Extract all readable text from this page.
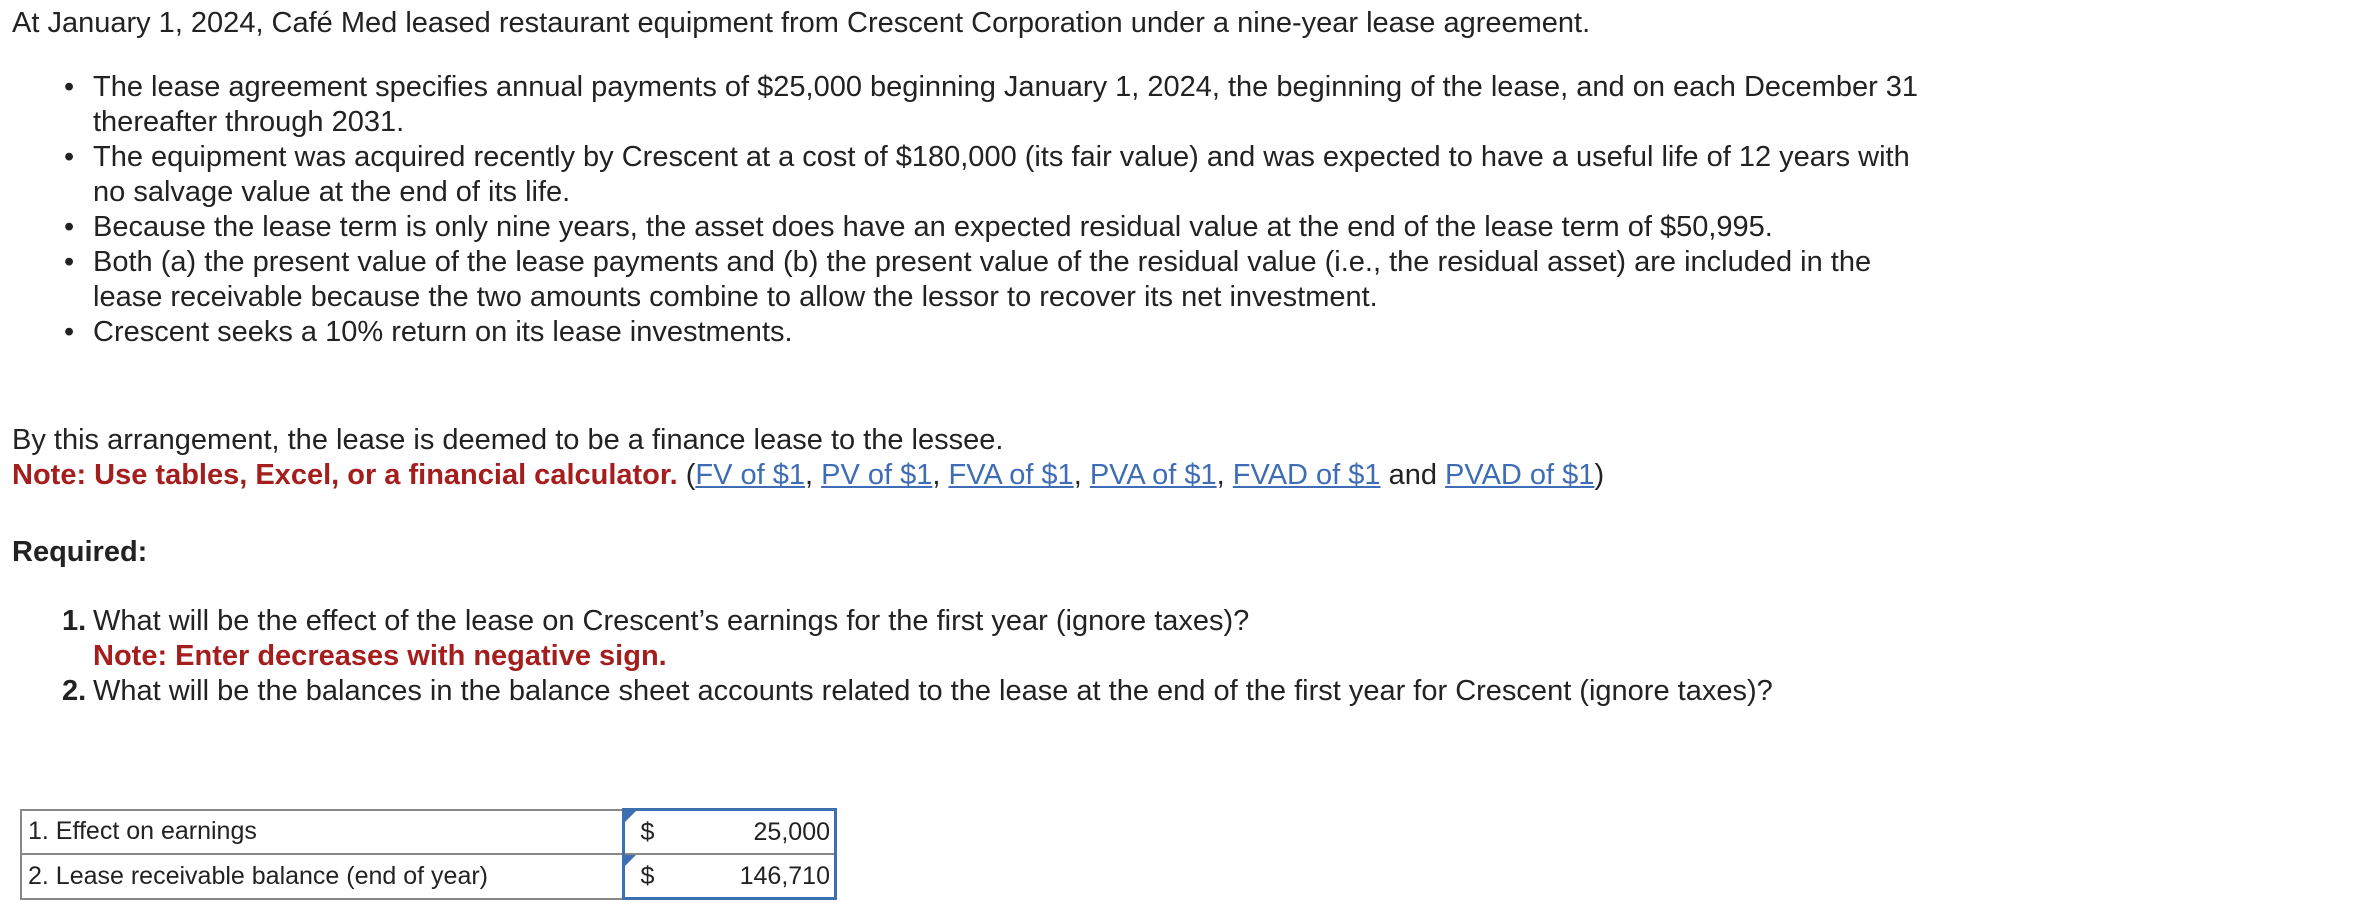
At January 1, 2024, Café Med leased restaurant equipment from Crescent Corporation under a nine-year lease agreement.
• The lease agreement specifies annual payments of $25,000 beginning January 1, 2024, the beginning of the lease, and on each December 31 thereafter through 2031.
• The equipment was acquired recently by Crescent at a cost of $180,000 (its fair value) and was expected to have a useful life of 12 years with no salvage value at the end of its life.
• Because the lease term is only nine years, the asset does have an expected residual value at the end of the lease term of $50,995.
• Both (a) the present value of the lease payments and (b) the present value of the residual value (i.e., the residual asset) are included in the lease receivable because the two amounts combine to allow the lessor to recover its net investment.
• Crescent seeks a 10% return on its lease investments.
By this arrangement, the lease is deemed to be a finance lease to the lessee.
Note: Use tables, Excel, or a financial calculator. (FV of $1, PV of $1, FVA of $1, PVA of $1, FVAD of $1 and PVAD of $1)
Required:
1. What will be the effect of the lease on Crescent’s earnings for the first year (ignore taxes)?
Note: Enter decreases with negative sign.
2. What will be the balances in the balance sheet accounts related to the lease at the end of the first year for Crescent (ignore taxes)?
1. Effect on earnings	$	25,000
2. Lease receivable balance (end of year)	$	146,710
